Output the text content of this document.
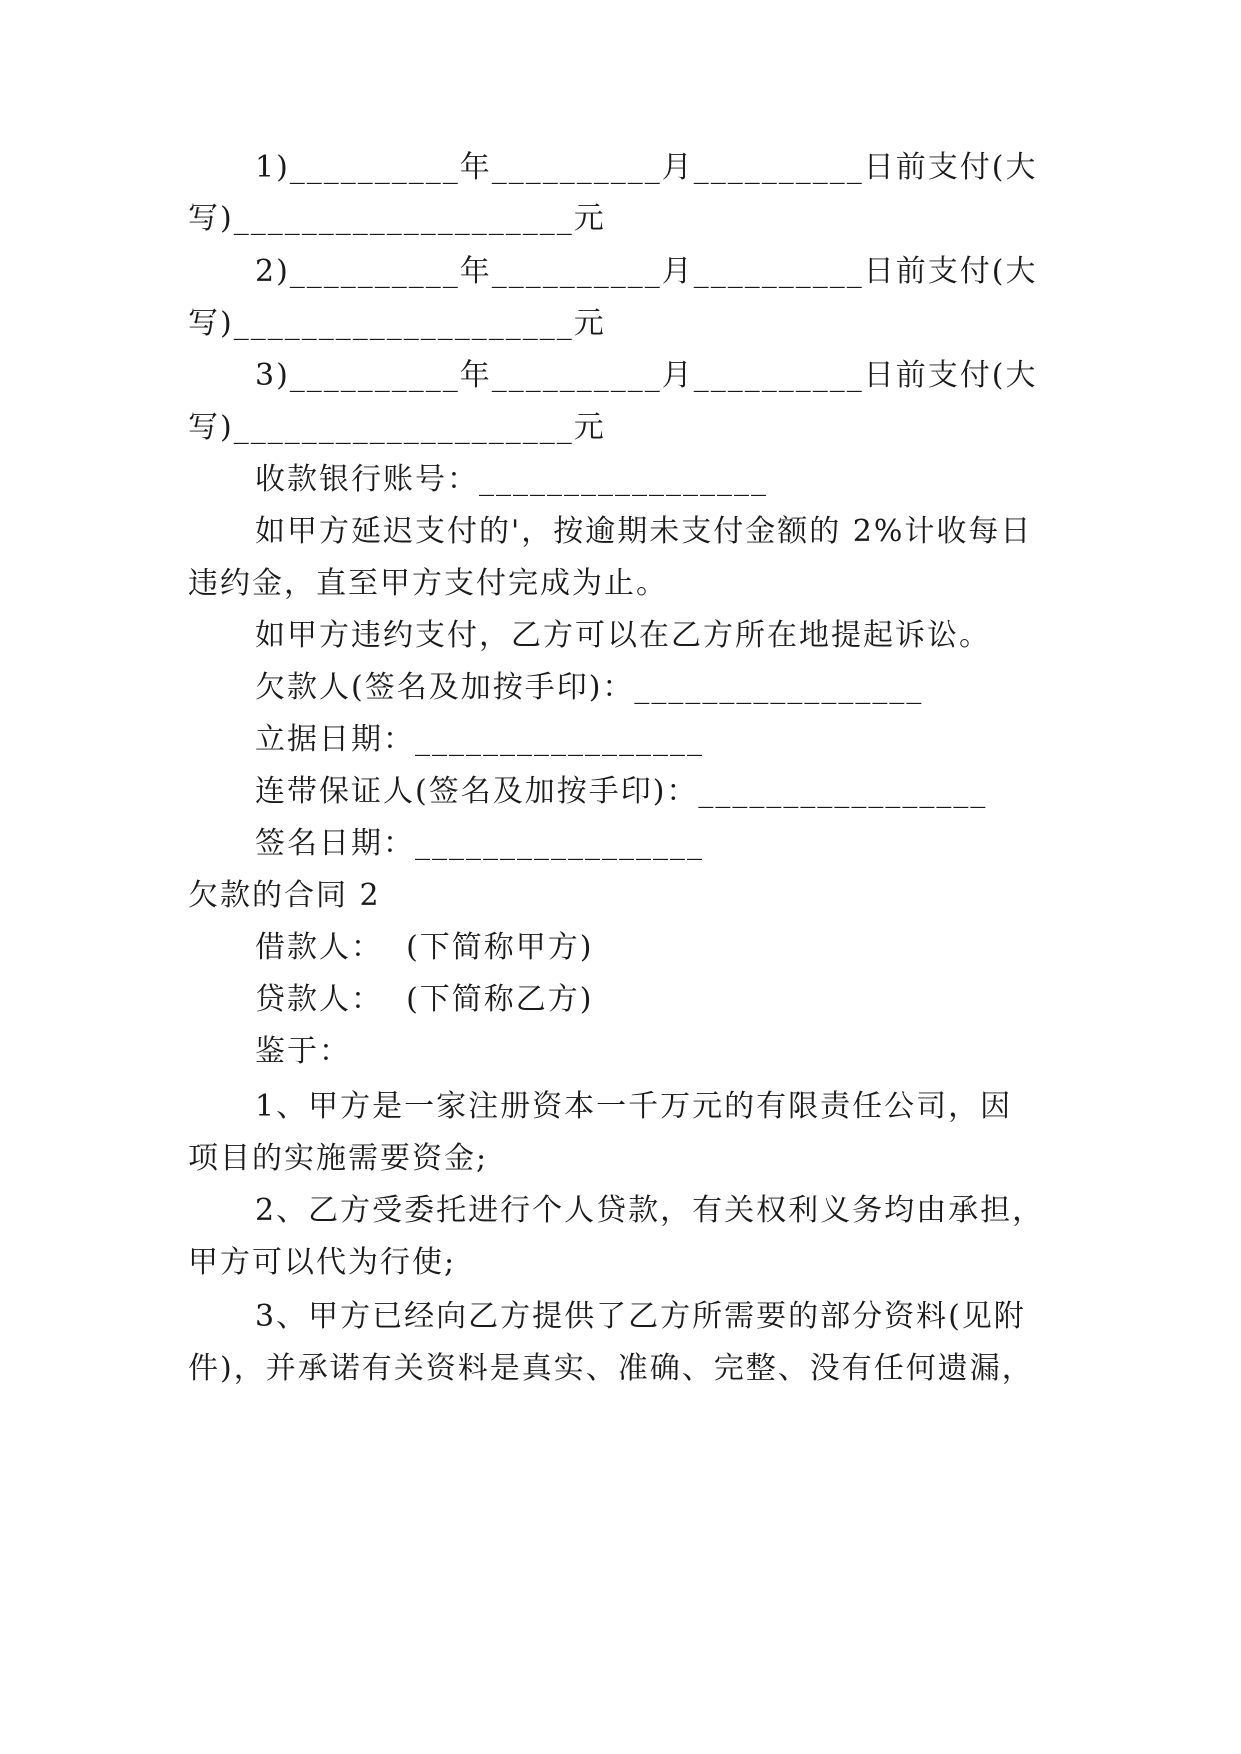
1)__________年__________月__________日前支付(大
写)____________________元
2)__________年__________月__________日前支付(大
写)____________________元
3)__________年__________月__________日前支付(大
写)____________________元
收款银行账号：_________________
如甲方延迟支付的'，按逾期未支付金额的 2%计收每日
违约金，直至甲方支付完成为止。
如甲方违约支付，乙方可以在乙方所在地提起诉讼。
欠款人(签名及加按手印)：_________________
立据日期：_________________
连带保证人(签名及加按手印)：_________________
签名日期：_________________
欠款的合同 2
借款人：  (下简称甲方)
贷款人：  (下简称乙方)
鉴于：
1、甲方是一家注册资本一千万元的有限责任公司，因
项目的实施需要资金;
2、乙方受委托进行个人贷款，有关权利义务均由承担，
甲方可以代为行使;
3、甲方已经向乙方提供了乙方所需要的部分资料(见附
件)，并承诺有关资料是真实、准确、完整、没有任何遗漏，
